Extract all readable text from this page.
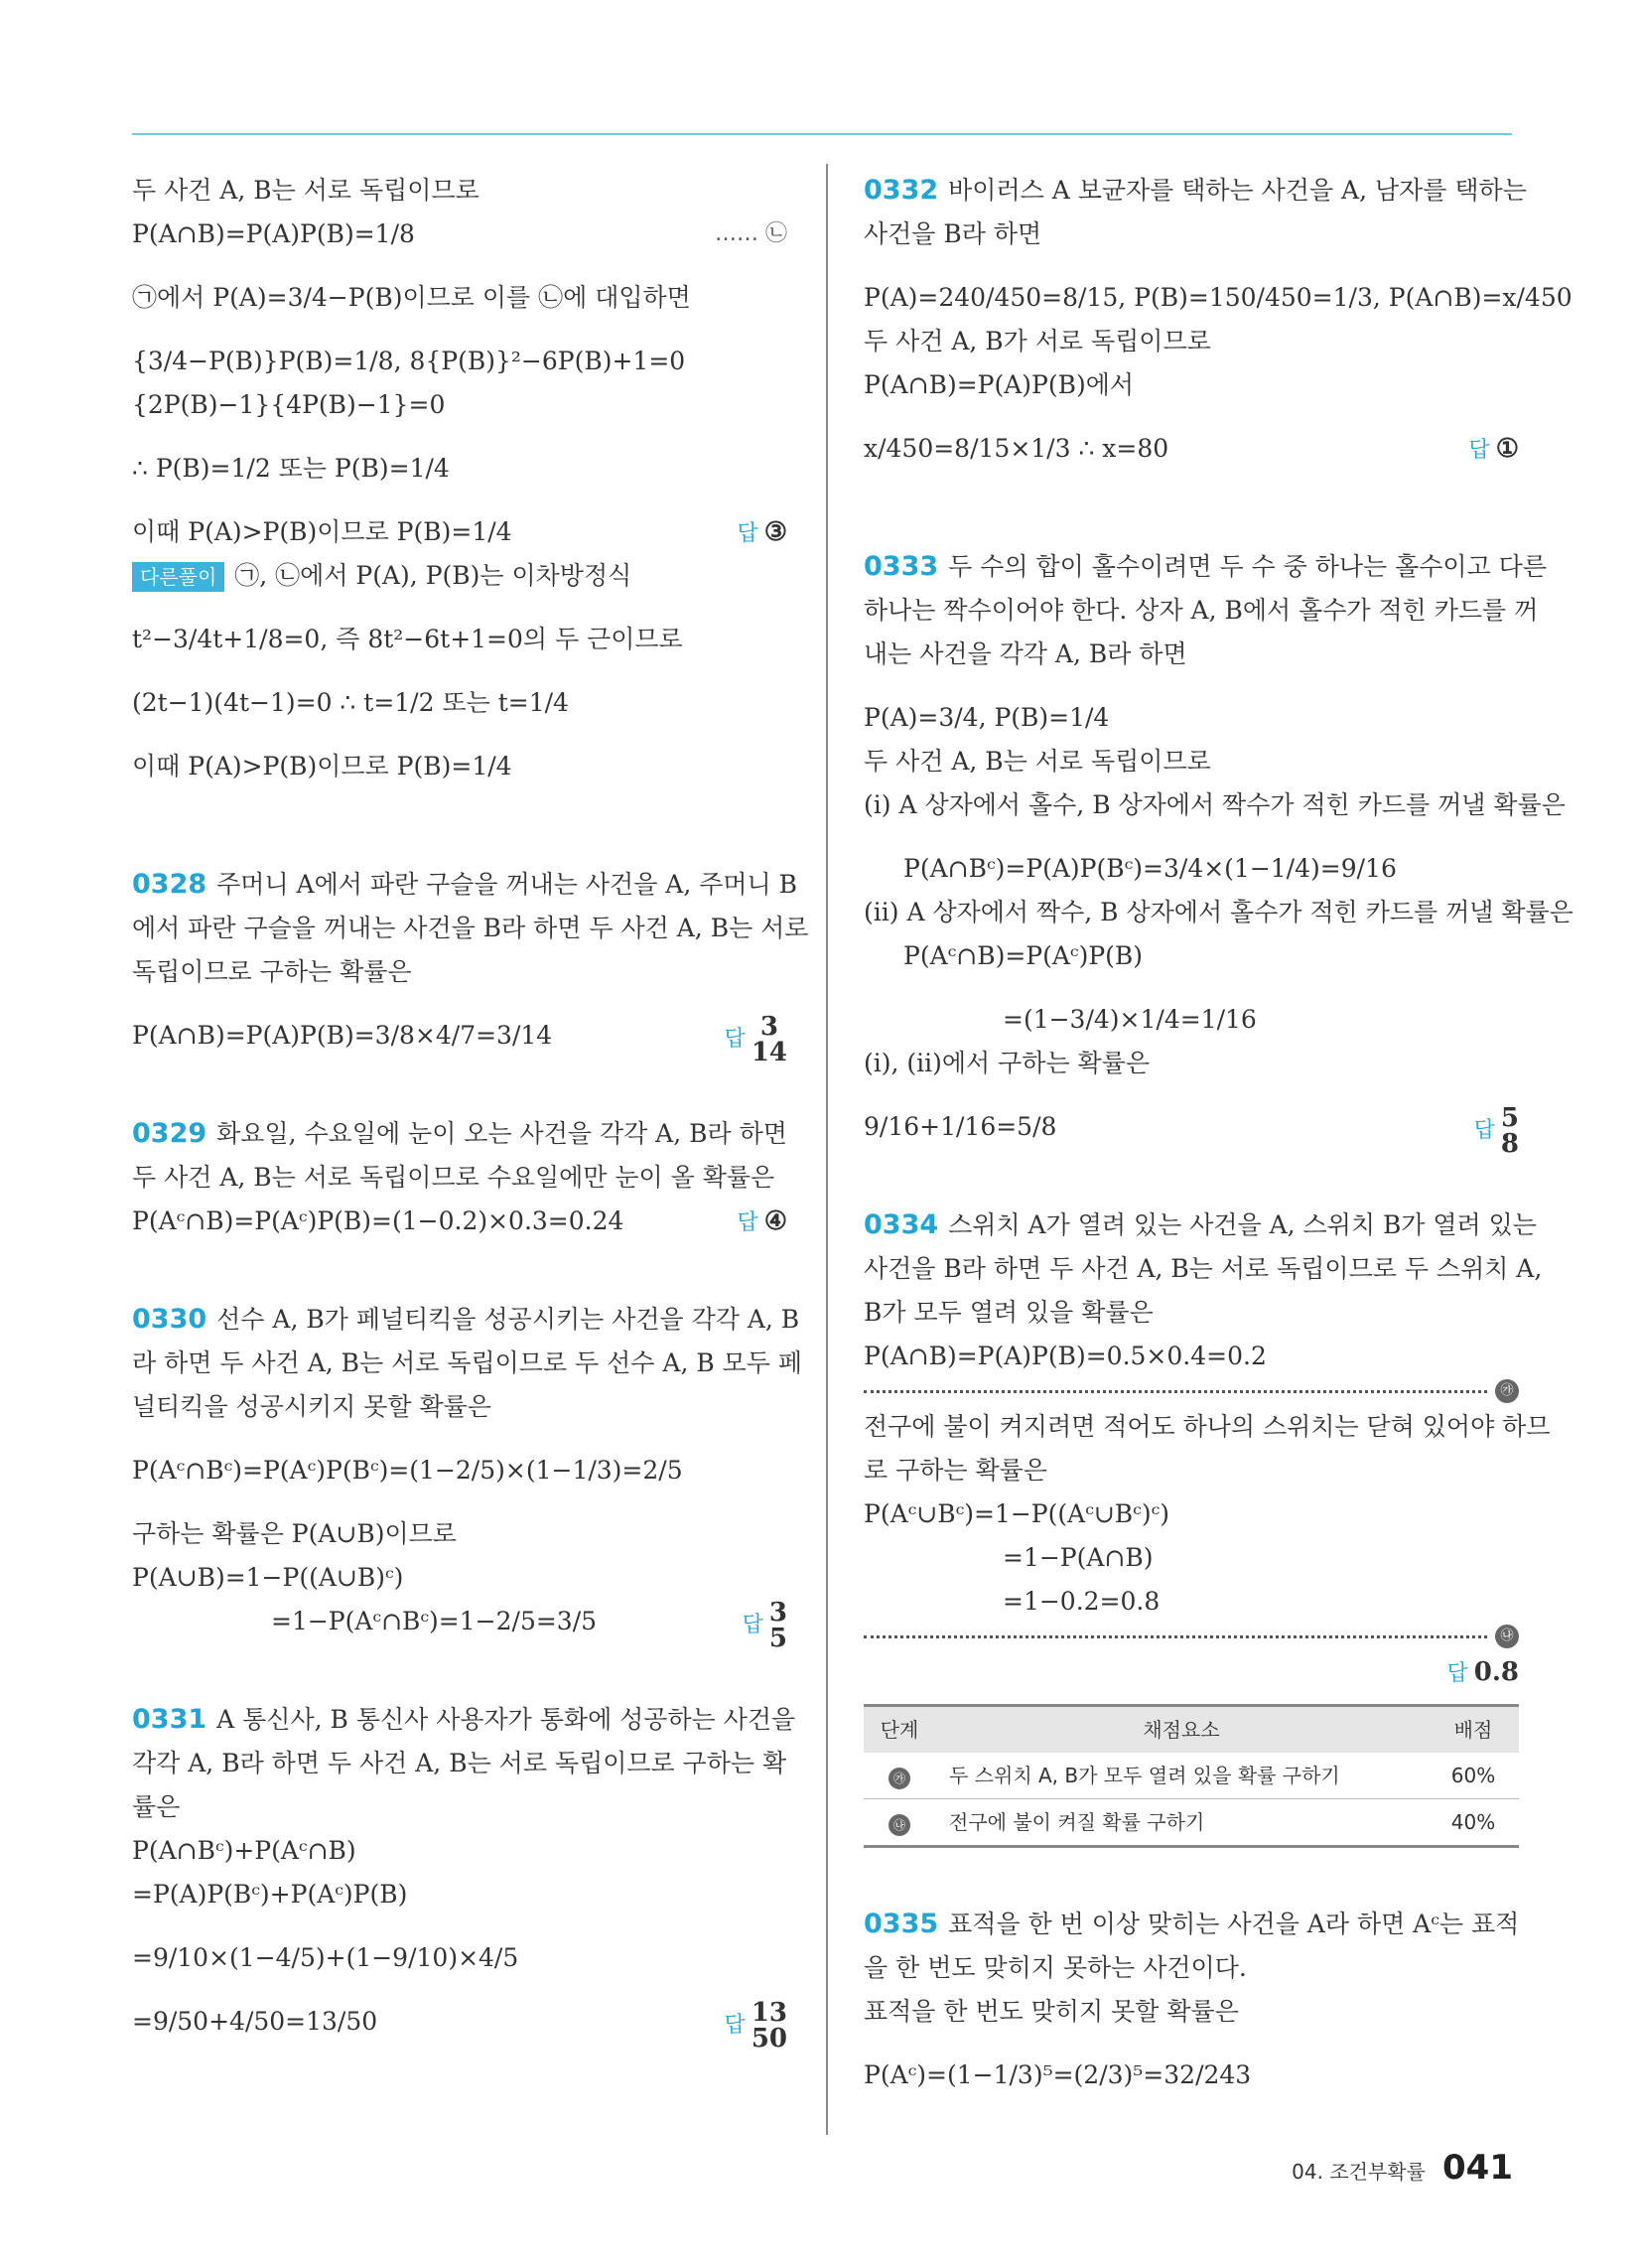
두 사건 A, B는 서로 독립이므로
P(A∩B)=P(A)P(B)=1/8	…… ㉡
㉠에서 P(A)=3/4−P(B)이므로 이를 ㉡에 대입하면
{3/4−P(B)}P(B)=1/8, 8{P(B)}²−6P(B)+1=0
{2P(B)−1}{4P(B)−1}=0
∴ P(B)=1/2 또는 P(B)=1/4
이때 P(A)>P(B)이므로 P(B)=1/4	답 ③
다른풀이 ㉠, ㉡에서 P(A), P(B)는 이차방정식
t²−3/4t+1/8=0, 즉 8t²−6t+1=0의 두 근이므로
(2t−1)(4t−1)=0 ∴ t=1/2 또는 t=1/4
이때 P(A)>P(B)이므로 P(B)=1/4
0328 주머니 A에서 파란 구슬을 꺼내는 사건을 A, 주머니 B
에서 파란 구슬을 꺼내는 사건을 B라 하면 두 사건 A, B는 서로
독립이므로 구하는 확률은
P(A∩B)=P(A)P(B)=3/8×4/7=3/14	답 3
14
0329 화요일, 수요일에 눈이 오는 사건을 각각 A, B라 하면
두 사건 A, B는 서로 독립이므로 수요일에만 눈이 올 확률은
P(Aᶜ∩B)=P(Aᶜ)P(B)=(1−0.2)×0.3=0.24	답 ④
0330 선수 A, B가 페널티킥을 성공시키는 사건을 각각 A, B
라 하면 두 사건 A, B는 서로 독립이므로 두 선수 A, B 모두 페
널티킥을 성공시키지 못할 확률은
P(Aᶜ∩Bᶜ)=P(Aᶜ)P(Bᶜ)=(1−2/5)×(1−1/3)=2/5
구하는 확률은 P(A∪B)이므로
P(A∪B)=1−P((A∪B)ᶜ)
=1−P(Aᶜ∩Bᶜ)=1−2/5=3/5	답 3
5
0331 A 통신사, B 통신사 사용자가 통화에 성공하는 사건을
각각 A, B라 하면 두 사건 A, B는 서로 독립이므로 구하는 확
률은
P(A∩Bᶜ)+P(Aᶜ∩B)
=P(A)P(Bᶜ)+P(Aᶜ)P(B)
=9/10×(1−4/5)+(1−9/10)×4/5
=9/50+4/50=13/50	답 13
50
0332 바이러스 A 보균자를 택하는 사건을 A, 남자를 택하는
사건을 B라 하면
P(A)=240/450=8/15, P(B)=150/450=1/3, P(A∩B)=x/450
두 사건 A, B가 서로 독립이므로
P(A∩B)=P(A)P(B)에서
x/450=8/15×1/3 ∴ x=80	답 ①
0333 두 수의 합이 홀수이려면 두 수 중 하나는 홀수이고 다른
하나는 짝수이어야 한다. 상자 A, B에서 홀수가 적힌 카드를 꺼
내는 사건을 각각 A, B라 하면
P(A)=3/4, P(B)=1/4
두 사건 A, B는 서로 독립이므로
(i) A 상자에서 홀수, B 상자에서 짝수가 적힌 카드를 꺼낼 확률은
P(A∩Bᶜ)=P(A)P(Bᶜ)=3/4×(1−1/4)=9/16
(ii) A 상자에서 짝수, B 상자에서 홀수가 적힌 카드를 꺼낼 확률은
P(Aᶜ∩B)=P(Aᶜ)P(B)
=(1−3/4)×1/4=1/16
(i), (ii)에서 구하는 확률은
9/16+1/16=5/8	답 5
8
0334 스위치 A가 열려 있는 사건을 A, 스위치 B가 열려 있는
사건을 B라 하면 두 사건 A, B는 서로 독립이므로 두 스위치 A,
B가 모두 열려 있을 확률은
P(A∩B)=P(A)P(B)=0.5×0.4=0.2
㉮
전구에 불이 켜지려면 적어도 하나의 스위치는 닫혀 있어야 하므
로 구하는 확률은
P(Aᶜ∪Bᶜ)=1−P((Aᶜ∪Bᶜ)ᶜ)
=1−P(A∩B)
=1−0.2=0.8
㉯
답 0.8
단계	채점요소	배점
㉮	두 스위치 A, B가 모두 열려 있을 확률 구하기	60%
㉯	전구에 불이 켜질 확률 구하기	40%
0335 표적을 한 번 이상 맞히는 사건을 A라 하면 Aᶜ는 표적
을 한 번도 맞히지 못하는 사건이다.
표적을 한 번도 맞히지 못할 확률은
P(Aᶜ)=(1−1/3)⁵=(2/3)⁵=32/243
04. 조건부확률 041
